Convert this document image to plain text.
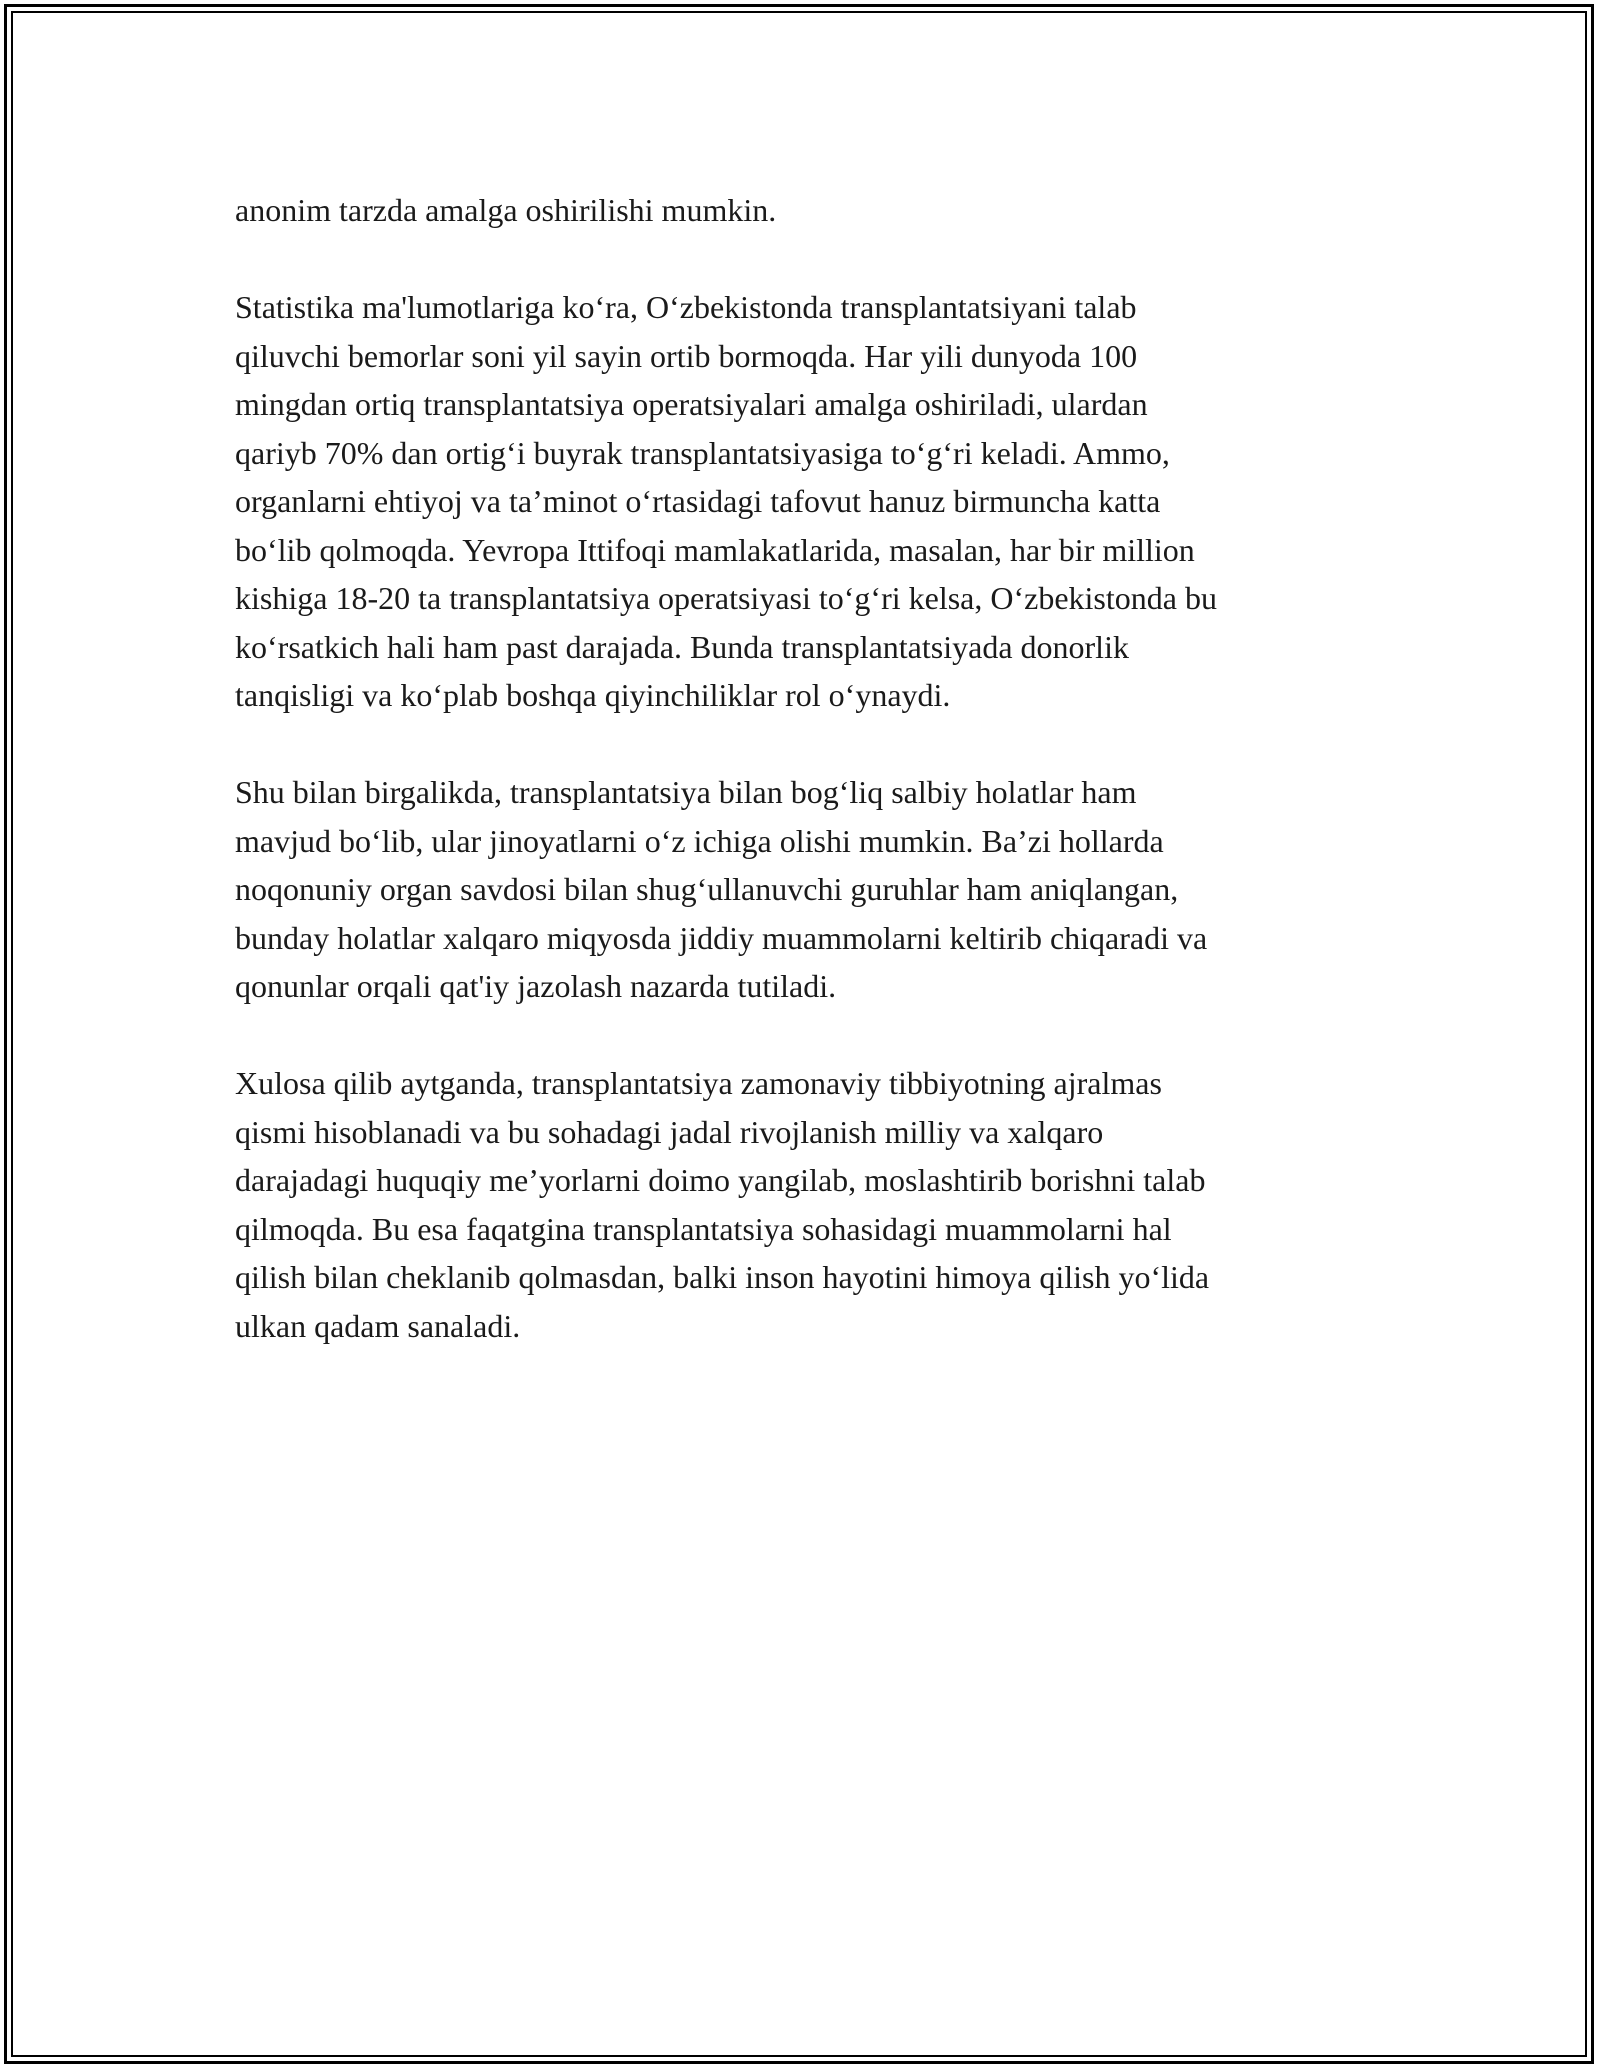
anonim tarzda amalga oshirilishi mumkin.

Statistika ma'lumotlariga ko‘ra, O‘zbekistonda transplantatsiyani talab
qiluvchi bemorlar soni yil sayin ortib bormoqda. Har yili dunyoda 100
mingdan ortiq transplantatsiya operatsiyalari amalga oshiriladi, ulardan
qariyb 70% dan ortig‘i buyrak transplantatsiyasiga to‘g‘ri keladi. Ammo,
organlarni ehtiyoj va ta’minot o‘rtasidagi tafovut hanuz birmuncha katta
bo‘lib qolmoqda. Yevropa Ittifoqi mamlakatlarida, masalan, har bir million
kishiga 18-20 ta transplantatsiya operatsiyasi to‘g‘ri kelsa, O‘zbekistonda bu
ko‘rsatkich hali ham past darajada. Bunda transplantatsiyada donorlik
tanqisligi va ko‘plab boshqa qiyinchiliklar rol o‘ynaydi.

Shu bilan birgalikda, transplantatsiya bilan bog‘liq salbiy holatlar ham
mavjud bo‘lib, ular jinoyatlarni o‘z ichiga olishi mumkin. Ba’zi hollarda
noqonuniy organ savdosi bilan shug‘ullanuvchi guruhlar ham aniqlangan,
bunday holatlar xalqaro miqyosda jiddiy muammolarni keltirib chiqaradi va
qonunlar orqali qat'iy jazolash nazarda tutiladi.

Xulosa qilib aytganda, transplantatsiya zamonaviy tibbiyotning ajralmas
qismi hisoblanadi va bu sohadagi jadal rivojlanish milliy va xalqaro
darajadagi huquqiy me’yorlarni doimo yangilab, moslashtirib borishni talab
qilmoqda. Bu esa faqatgina transplantatsiya sohasidagi muammolarni hal
qilish bilan cheklanib qolmasdan, balki inson hayotini himoya qilish yo‘lida
ulkan qadam sanaladi.
